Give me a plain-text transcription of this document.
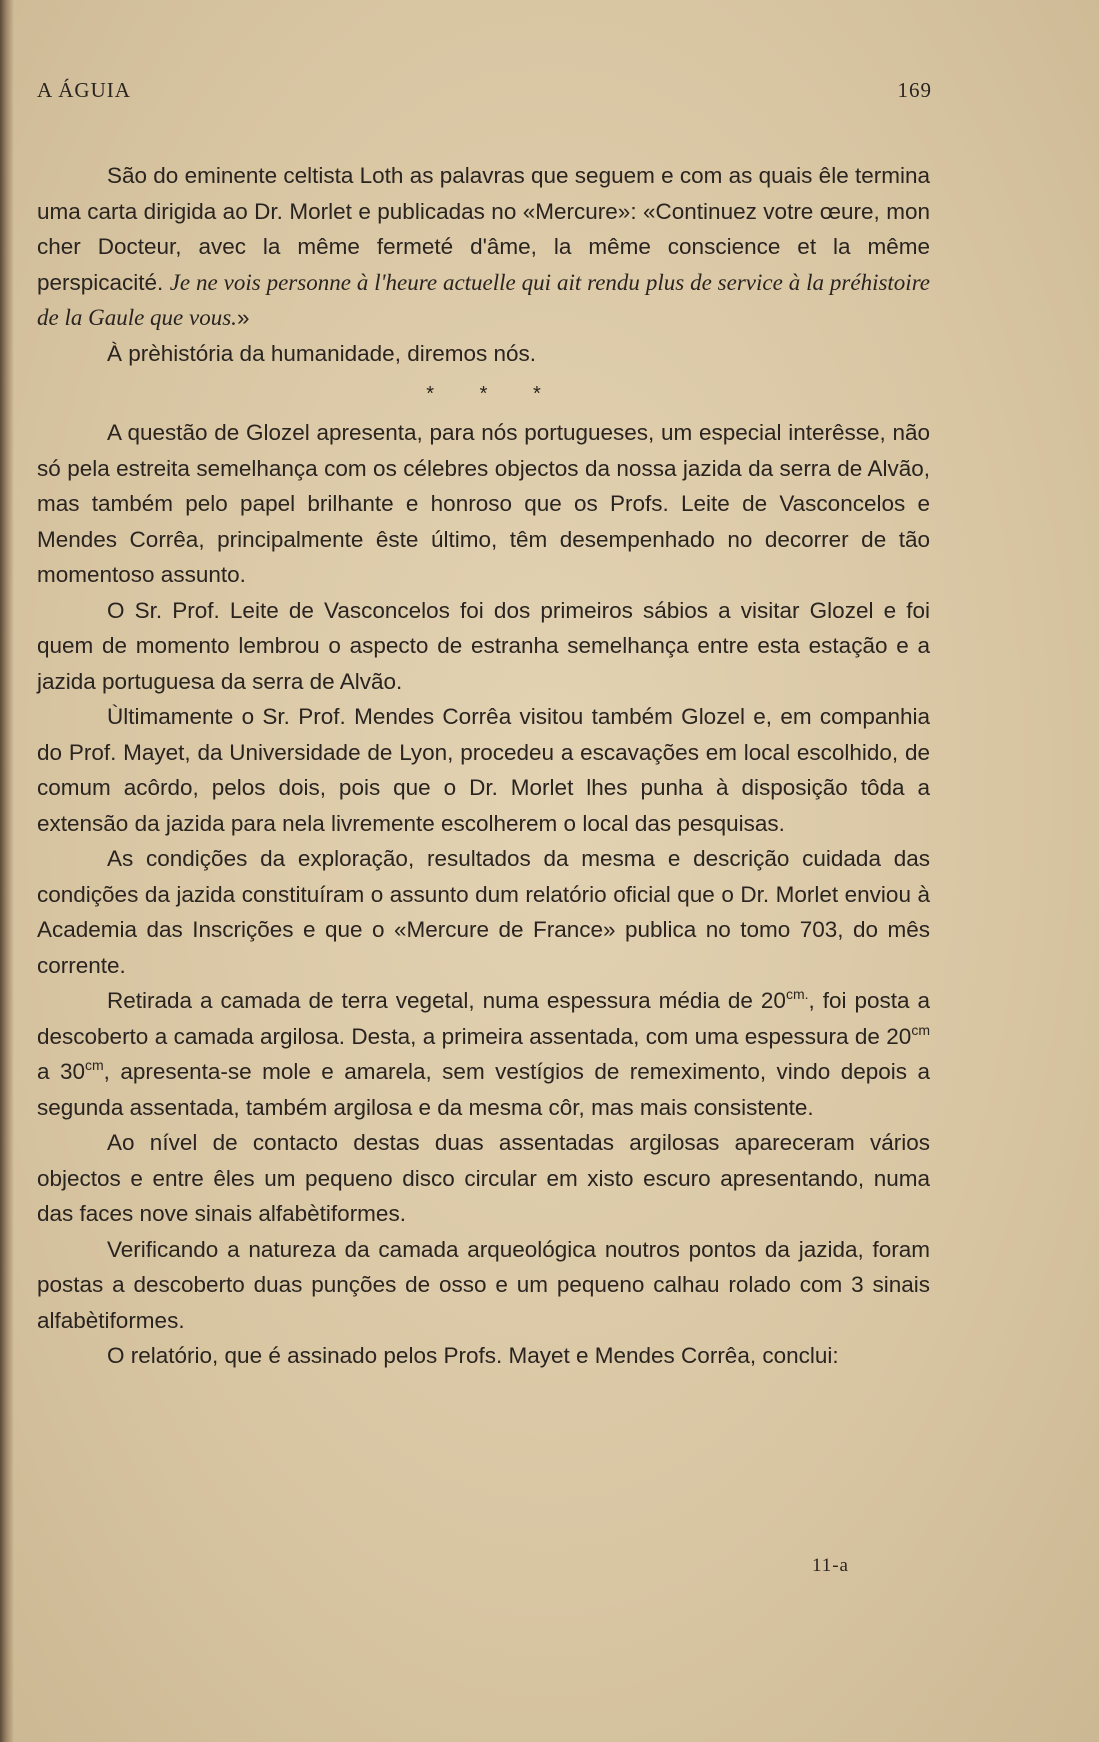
A ÁGUIA	169

São do eminente celtista Loth as palavras que seguem e com as quais êle termina uma carta dirigida ao Dr. Morlet e publicadas no «Mercure»: «Continuez votre œure, mon cher Docteur, avec la même fermeté d'âme, la même conscience et la même perspicacité. Je ne vois personne à l'heure actuelle qui ait rendu plus de service à la préhistoire de la Gaule que vous.»

À prèhistória da humanidade, diremos nós.

* * *

A questão de Glozel apresenta, para nós portugueses, um especial interêsse, não só pela estreita semelhança com os célebres objectos da nossa jazida da serra de Alvão, mas também pelo papel brilhante e honroso que os Profs. Leite de Vasconcelos e Mendes Corrêa, principalmente êste último, têm desempenhado no decorrer de tão momentoso assunto.

O Sr. Prof. Leite de Vasconcelos foi dos primeiros sábios a visitar Glozel e foi quem de momento lembrou o aspecto de estranha semelhança entre esta estação e a jazida portuguesa da serra de Alvão.

Ùltimamente o Sr. Prof. Mendes Corrêa visitou também Glozel e, em companhia do Prof. Mayet, da Universidade de Lyon, procedeu a escavações em local escolhido, de comum acôrdo, pelos dois, pois que o Dr. Morlet lhes punha à disposição tôda a extensão da jazida para nela livremente escolherem o local das pesquisas.

As condições da exploração, resultados da mesma e descrição cuidada das condições da jazida constituíram o assunto dum relatório oficial que o Dr. Morlet enviou à Academia das Inscrições e que o «Mercure de France» publica no tomo 703, do mês corrente.

Retirada a camada de terra vegetal, numa espessura média de $20^{cm.}$, foi posta a descoberto a camada argilosa. Desta, a primeira assentada, com uma espessura de $20^{cm}$ a $30^{cm}$, apresenta-se mole e amarela, sem vestígios de remeximento, vindo depois a segunda assentada, também argilosa e da mesma côr, mas mais consistente.

Ao nível de contacto destas duas assentadas argilosas apareceram vários objectos e entre êles um pequeno disco circular em xisto escuro apresentando, numa das faces nove sinais alfabètiformes.

Verificando a natureza da camada arqueológica noutros pontos da jazida, foram postas a descoberto duas punções de osso e um pequeno calhau rolado com 3 sinais alfabètiformes.

O relatório, que é assinado pelos Profs. Mayet e Mendes Corrêa, conclui:

11-a
